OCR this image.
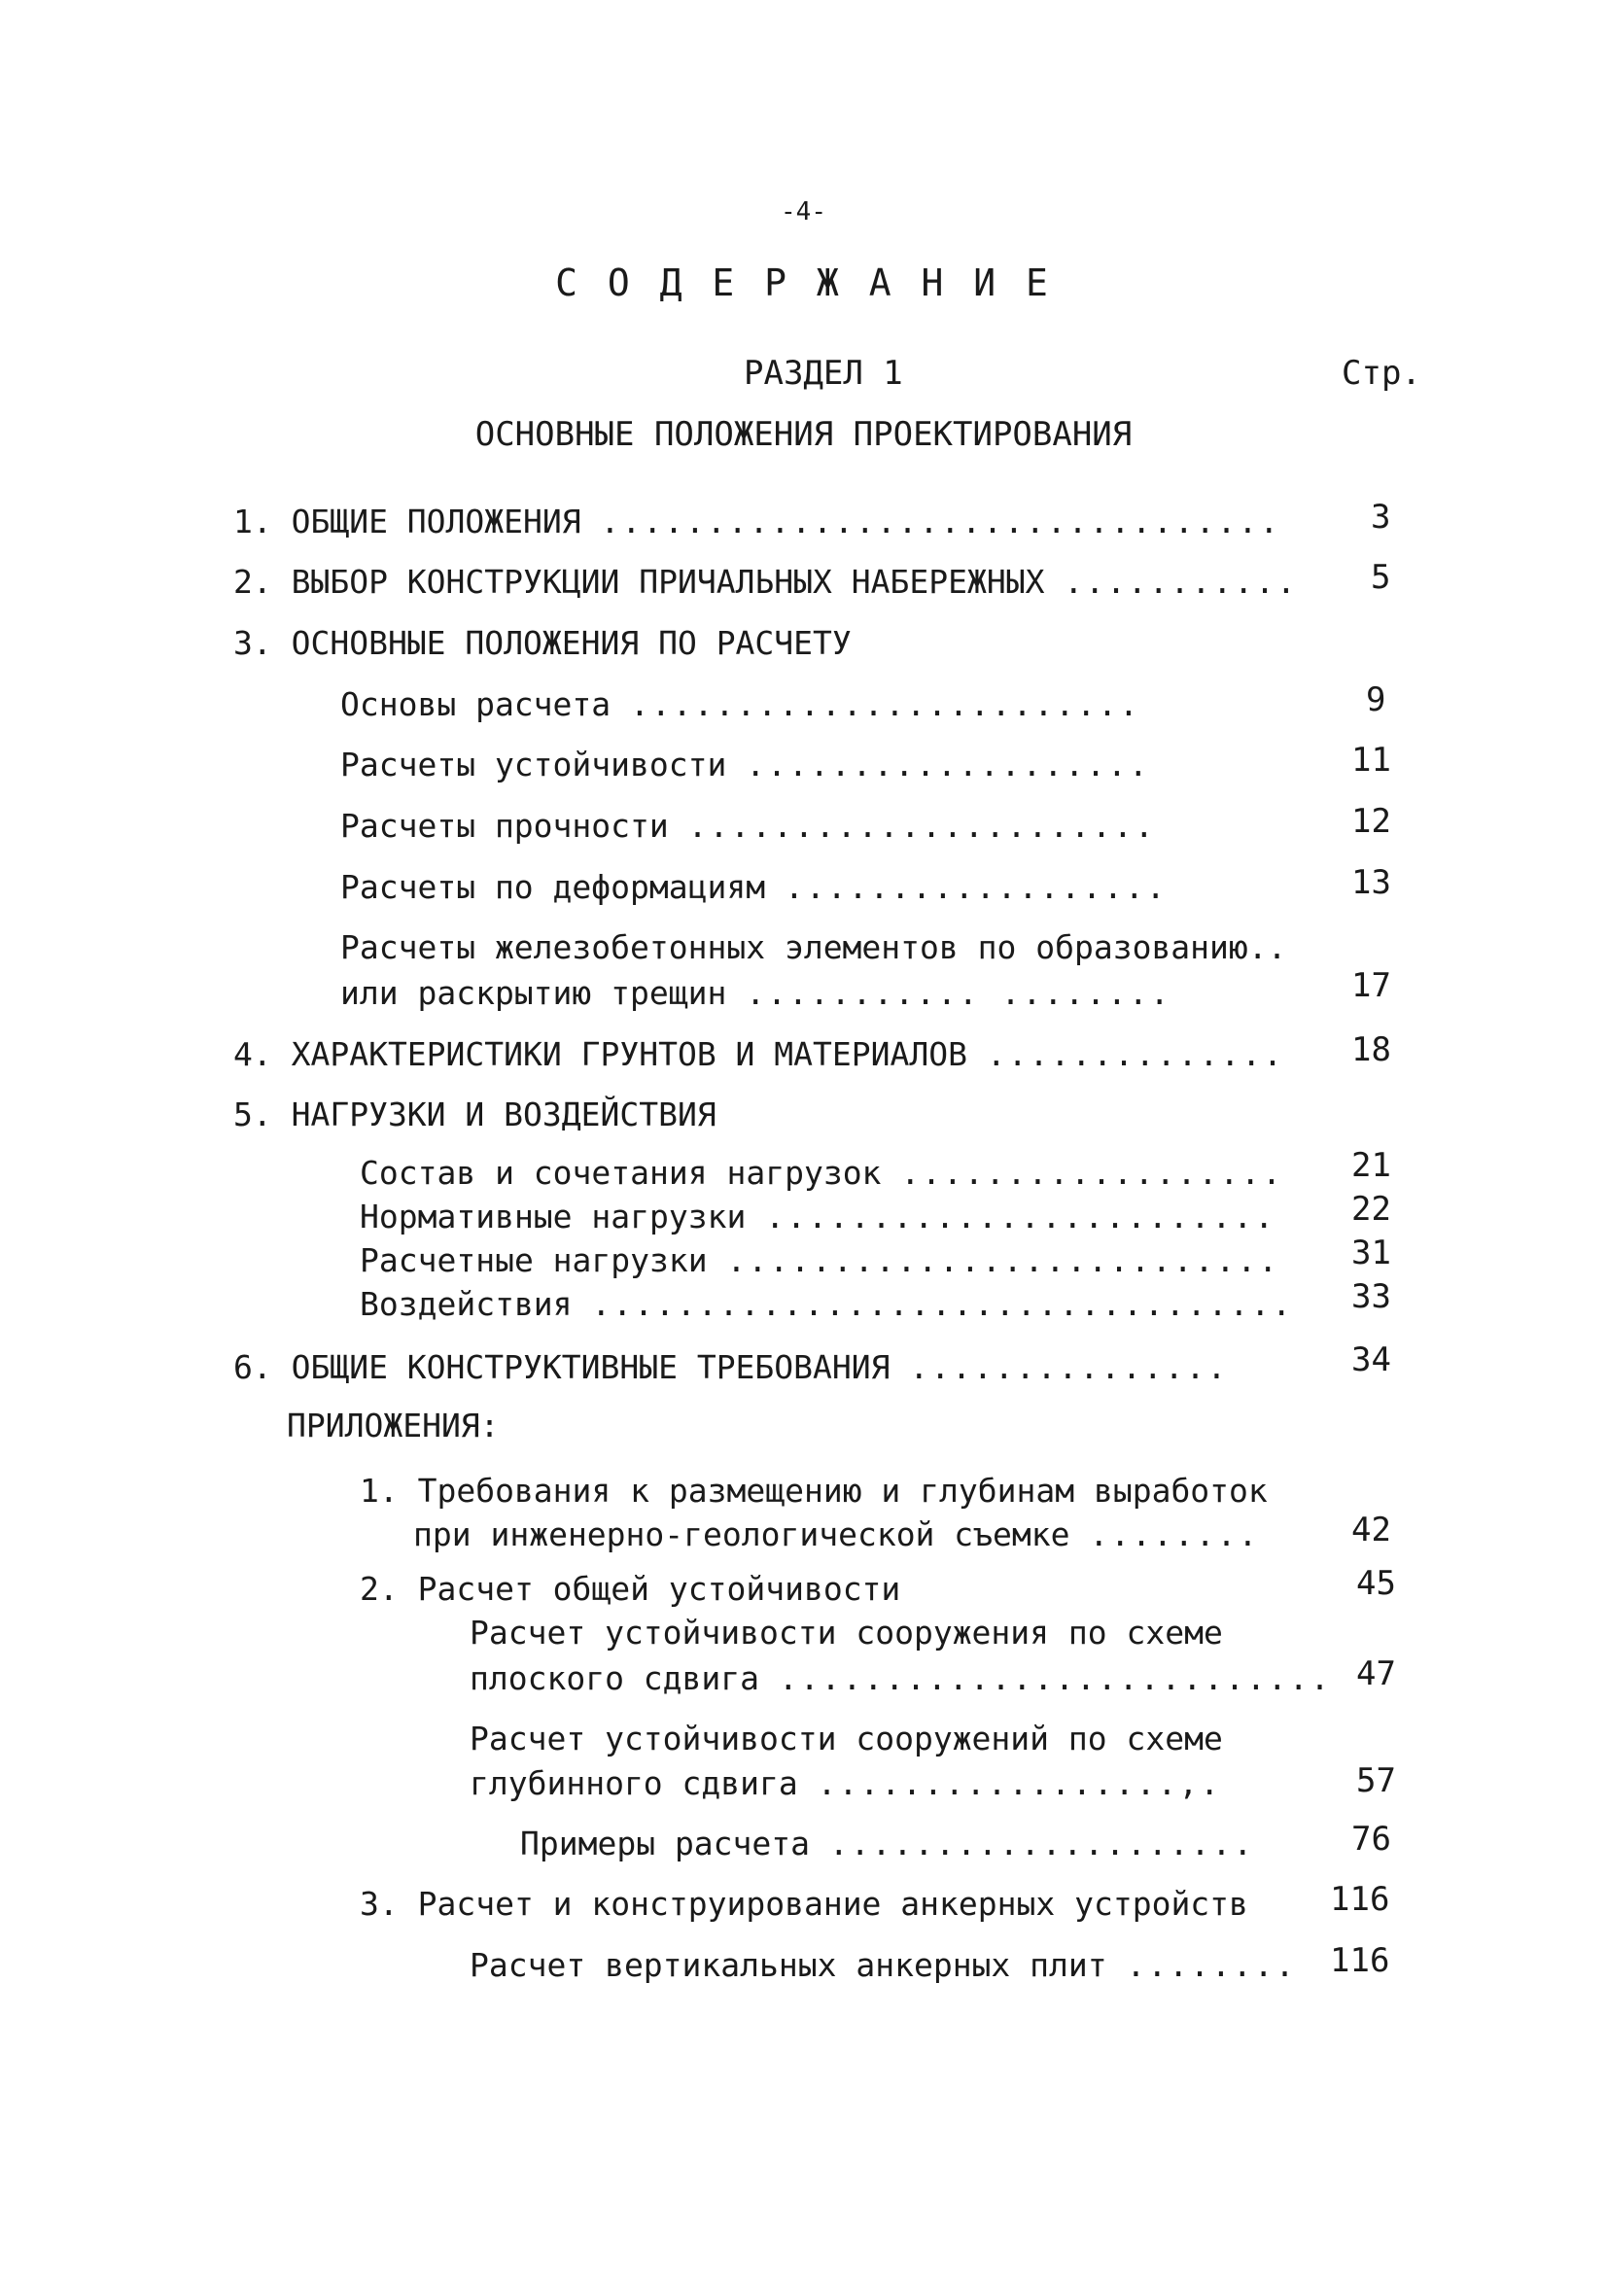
-4-
С О Д Е Р Ж А Н И Е
РАЗДЕЛ 1	Стр.
ОСНОВНЫЕ ПОЛОЖЕНИЯ ПРОЕКТИРОВАНИЯ
1. ОБЩИЕ ПОЛОЖЕНИЯ ................................	3
2. ВЫБОР КОНСТРУКЦИИ ПРИЧАЛЬНЫХ НАБЕРЕЖНЫХ ........... 5
3. ОСНОВНЫЕ ПОЛОЖЕНИЯ ПО РАСЧЕТУ
Основы расчета ........................	9
Расчеты устойчивости ...................	11
Расчеты прочности ......................	12
Расчеты по деформациям ..................	13
Расчеты железобетонных элементов по образованию..
или раскрытию трещин ........... ........	17
4. ХАРАКТЕРИСТИКИ ГРУНТОВ И МАТЕРИАЛОВ .............. 18
5. НАГРУЗКИ И ВОЗДЕЙСТВИЯ
Состав и сочетания нагрузок .................. 21
Нормативные нагрузки ........................ 22
Расчетные нагрузки .......................... 31
Воздействия ................................. 33
6. ОБЩИЕ КОНСТРУКТИВНЫЕ ТРЕБОВАНИЯ ...............	34
ПРИЛОЖЕНИЯ:
1. Требования к размещению и глубинам выработок
при инженерно-геологической съемке ........	42
2. Расчет общей устойчивости	45
Расчет устойчивости сооружения по схеме
плоского сдвига .......................... 47
Расчет устойчивости сооружений по схеме
глубинного сдвига .................,.	57
Примеры расчета ....................	76
3. Расчет и конструирование анкерных устройств 116
Расчет вертикальных анкерных плит ........ 116
